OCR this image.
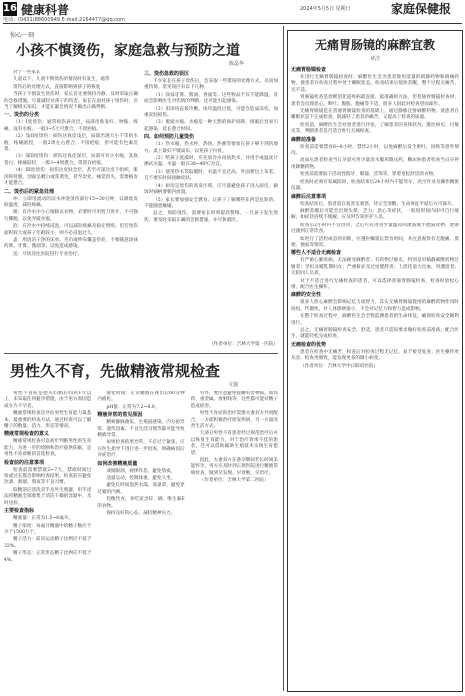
16 健康科普
电话：(0431)88600949 E-mail:2164477@qq.com
2024年5月5日 星期日	家庭保健报
惊心一刻
小孩不慎烫伤，家庭急救与预防之道
陈晶华
对于一些家长
儿童以下，儿童不慎烫伤的情况时有发生，通常
烫伤后的处理方式，直接影响到孩子的恢复
当孩子不慎发生烫伤时，家长首先要保持冷静，及时采取正确的急救措施，尽量减轻对孩子的伤害。家长在面对孩子烫伤时，应当了解相关知识，才能在紧急情况下做出正确判断。
一、烫伤的分类
（1）I度烫伤：通常损伤表皮层，局部皮肤发红、肿胀、疼痛，没有水疱，一般3~5天可愈合，不留疤痕。
（2）浅II度烫伤：损伤达真皮浅层，局部出现大小不等的水疱，疼痛剧烈，一般2周左右愈合，不留疤痕，但可能有色素沉着。
（3）深II度烫伤：损伤达真皮深层，局部可有小水疱，基底苍白，疼痛较轻，一般3~4周愈合，常留有疤痕。
（4）III度烫伤：损伤达皮肤全层，甚至可深达皮下组织、肌肉和骨骼，创面呈蜡白或焦黄色，甚至炭化，痛觉消失，需要植皮才能愈合。
二、烫伤后的紧急处理
冲：立即用流动的凉水冲洗烫伤部位15~30分钟，以降低皮肤温度，减轻疼痛。
脱：在冷水中小心地除去衣物，必要时可用剪刀剪开，不可强行撕脱，以免弄破水疱。
泡：在冷水中持续浸泡，可以减轻疼痛及稳定情绪。但若烫伤面积较大或孩子年龄较小，则不必浸泡过久。
盖：用清洁干净的床单、毛巾或纱布覆盖伤处，不要随意涂抹药膏、牙膏、酱油等，以免造成感染。
送：尽快送往医院进行专业治疗。
三、烫伤急救的误区
不少家长在孩子烫伤后，会采取一些错误的处理方式，反而加重伤情。常见误区有以下几种。
（1）涂抹牙膏、酱油、香油等。这些物品不仅不能降温，反而会影响医生对伤情的判断，还可能引起感染。
（2）用冰块直接冷敷。冰块温度过低，可能会造成冻伤，加重皮肤损伤。
（3）挑破水疱。水疱是一种天然的保护屏障，挑破后容易引起感染，延长愈合时间。
四、如何预防儿童烫伤
（1）热水瓶、热水杯、热汤、热粥等要放在孩子够不到的地方，桌上最好不铺桌布，以免孩子拉扯。
（2）给孩子洗澡时，应先放冷水再放热水，并用手或温度计测试水温，水温一般在38~40℃为宜。
（3）使用热水袋取暖时，水温不宜过高，外面要包上布套，且不要长时间接触皮肤。
（4）厨房是烫伤的高发区域，应尽量避免孩子进入厨房，做饭时锅柄要朝内放置。
（5）家长要加强安全教育，让孩子了解哪些东西是危险的，不能随意触碰。
总之，预防烫伤，需要家长时刻提高警惕，一旦孩子发生烫伤，要及时采取正确的急救措施，并尽快就医。
（作者单位：吉林大学第一医院）
男性久不育，先做精液常规检查
文强
男性不育症是指夫妇婚后同居1年以上，未采取任何避孕措施，由于男方原因造成女方不孕者。
精液常规检查是评估男性生育能力最基本、最重要的检查方法，通过检查可以了解精子的数量、活力、形态等情况。
精液常规检查的意义
精液常规检查可以初步判断男性的生育能力，为进一步的诊断和治疗提供依据，是男性不育诊断的首选检查。
检查前的注意事项
检查前需要禁欲2~7天，禁欲时间过短或过长都会影响检查结果。检查前应避免饮酒、吸烟、熬夜等不良习惯。
取精前应清洗双手及外生殖器，用手淫法将精液全部收集于清洁干燥的容器中，及时送检。
主要检查指标
精液量：正常为1.5~6毫升。
精子浓度：每毫升精液中的精子数应不少于1500万个。
精子活力：前向运动精子比例应不低于32%。
精子形态：正常形态精子比例应不低于4%。
液化时间：正常精液在排出后60分钟内液化。
pH值：正常为7.2~8.0。
精液异常的常见原因
精索静脉曲张、生殖道感染、内分泌异常、遗传因素、不良生活习惯等都可能导致精液异常。
如果检查结果异常，不必过于紧张，应在医生指导下进行进一步检查，明确病因后对症治疗。
如何改善精液质量
戒烟限酒，规律作息，避免熬夜。
适量运动，控制体重，避免久坐。
避免长时间泡热水澡、蒸桑拿，避免穿过紧的内裤。
均衡饮食，多吃富含锌、硒、维生素E的食物。
保持良好的心态，减轻精神压力。
另外，要注意避免接触有害物质，如农药、重金属、放射线等，这些都可能对精子造成损害。
男性不育症的治疗需要夫妻双方共同配合，一方面积极治疗原发疾病，另一方面改善生活方式。
大部分男性不育患者经过规范治疗后可以恢复生育能力，对于治疗效果不佳的患者，还可以借助辅助生殖技术实现生育愿望。
因此，夫妻双方在备孕期间若长时间未能怀孕，男方应及时到正规医院进行精液常规检查，做到早发现、早诊断、早治疗。
（作者单位：吉林大学第二医院）
无痛胃肠镜的麻醉宜教
章洁
无痛胃肠镜检查
在进行无痛胃肠镜检查时，麻醉医生会为患者使用适量的镇静药物和镇痛药物，使患者在检查过程中处于睡眠状态，检查结束后很快苏醒，整个过程无痛苦、无不适。
胃肠镜检查是诊断消化道疾病最直接、最准确的方法，但普通胃肠镜检查时，患者会出现恶心、呕吐、腹胀、腹痛等不适，很多人因此对检查望而却步。
无痛胃肠镜是在普通胃肠镜检查的基础上，通过静脉注射麻醉药物，使患者在睡眠状态下完成检查，既减轻了患者的痛苦，又提高了检查的质量。
检查前，麻醉医生会对患者进行评估，了解患者的身体状况、既往病史、过敏史等，判断患者是否适合进行无痛检查。
麻醉前准备
检查前需要禁食6~8小时，禁饮2小时，以免麻醉后发生呕吐、误吸等意外情况。
高血压患者检查当日早晨可用少量清水服用降压药，糖尿病患者检查当日应停用降糖药物。
检查前需要取下活动性假牙、眼镜、首饰等，穿着宽松舒适的衣物。
检查时必须有家属陪同，检查结束后24小时内不能驾车、高空作业及操作精密仪器。
麻醉后注意事项
检查结束后，患者需在复苏室观察，待完全清醒、生命体征平稳后方可离开。
麻醉苏醒后可能会出现头晕、乏力、恶心等症状，一般短时间内即可自行缓解，如症状持续不缓解，应及时告知医护人员。
检查后2小时内不宜进食，之后可先进食少量温凉的流质或半流质食物，逐渐过渡到正常饮食。
如进行了活检或息肉切除，应遵医嘱延长禁食时间，并注意观察有无腹痛、黑便、便血等情况。
哪些人不适合无痛检查
有严重心肺疾病、无法耐受麻醉者；有药物过敏史，特别是对镇静麻醉药物过敏者；孕妇及哺乳期妇女；严重鼾症及过度肥胖者；上消化道大出血、胃潴留者；无陪同人员者。
对于不适合进行无痛检查的患者，可以选择普通胃肠镜检查，检查时放松心情，配合医生操作。
麻醉的安全性
很多人担心麻醉会影响记忆力或智力，其实无痛胃肠镜使用的麻醉药物作用时间短、代谢快，对人体影响很小，不会对记忆力和智力造成影响。
在整个检查过程中，麻醉医生会全程监测患者的生命体征，确保检查安全顺利进行。
总之，无痛胃肠镜检查安全、舒适，患者只需按要求做好检查前准备，配合医生，就能轻松完成检查。
无痛检查的优势
患者在检查中无痛苦，检查后对检查过程无记忆，易于接受复查；医生操作更从容，检查更细致，能发现更多的微小病变。
（作者单位：吉林大学中日联谊医院）
